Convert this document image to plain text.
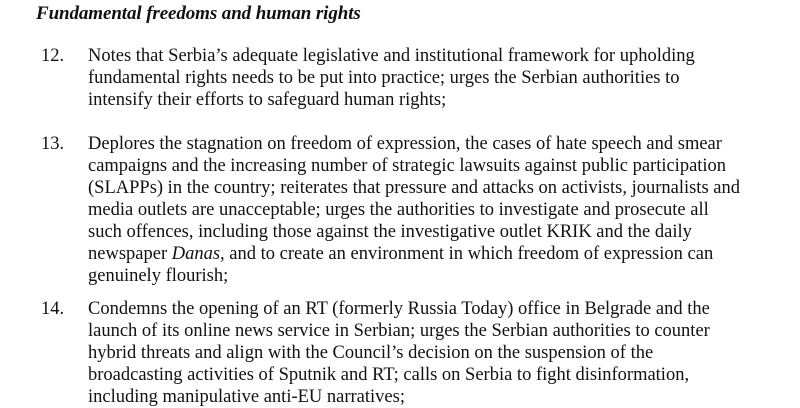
Fundamental freedoms and human rights
12. Notes that Serbia’s adequate legislative and institutional framework for upholding
fundamental rights needs to be put into practice; urges the Serbian authorities to
intensify their efforts to safeguard human rights;
13. Deplores the stagnation on freedom of expression, the cases of hate speech and smear
campaigns and the increasing number of strategic lawsuits against public participation
(SLAPPs) in the country; reiterates that pressure and attacks on activists, journalists and
media outlets are unacceptable; urges the authorities to investigate and prosecute all
such offences, including those against the investigative outlet KRIK and the daily
newspaper Danas, and to create an environment in which freedom of expression can
genuinely flourish;
14. Condemns the opening of an RT (formerly Russia Today) office in Belgrade and the
launch of its online news service in Serbian; urges the Serbian authorities to counter
hybrid threats and align with the Council’s decision on the suspension of the
broadcasting activities of Sputnik and RT; calls on Serbia to fight disinformation,
including manipulative anti-EU narratives;
